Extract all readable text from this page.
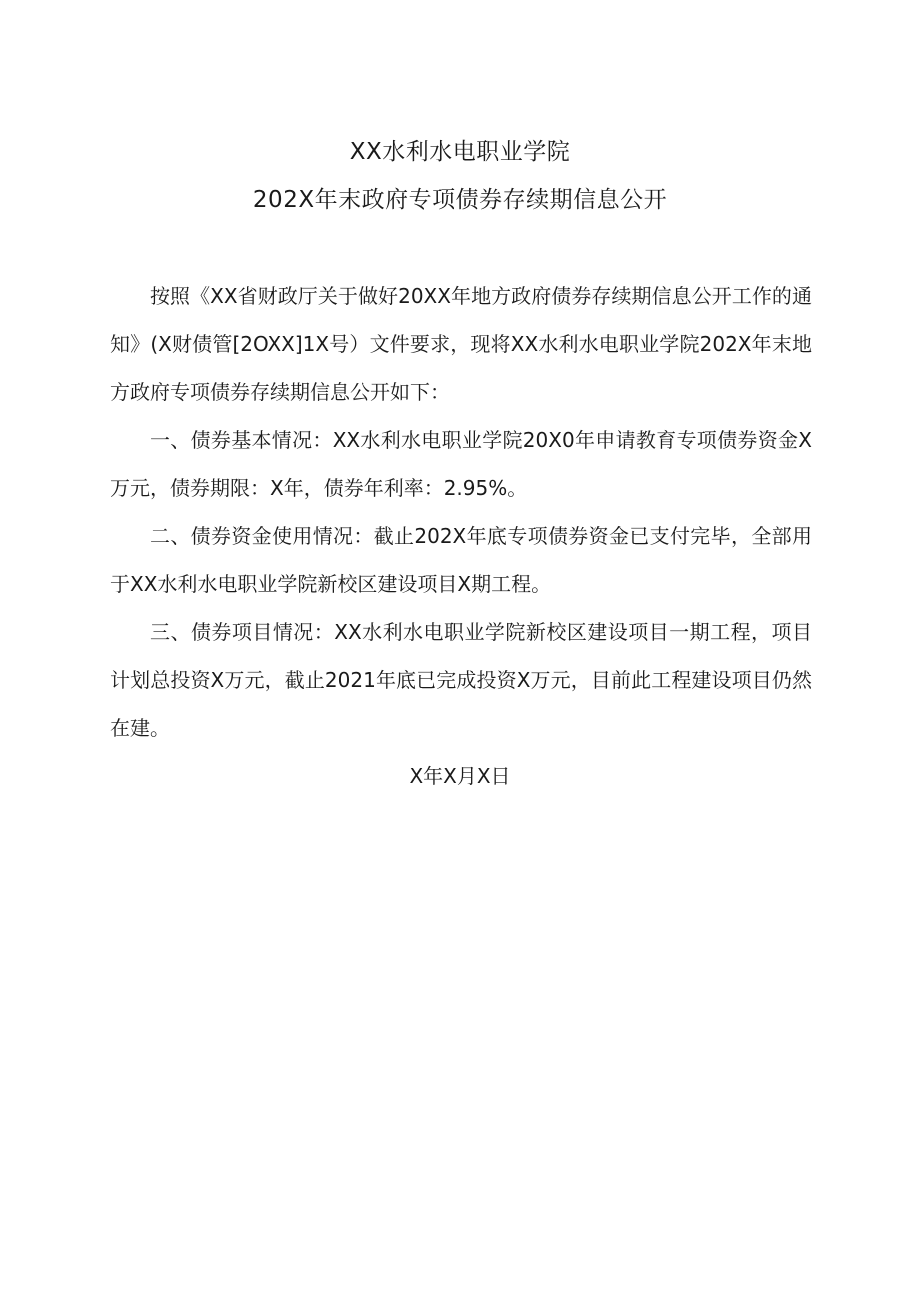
XX水利水电职业学院
202X年末政府专项债券存续期信息公开

按照《XX省财政厅关于做好20XX年地方政府债券存续期信息公开工作的通知》(X财债管[2OXX]1X号）文件要求，现将XX水利水电职业学院202X年末地方政府专项债券存续期信息公开如下：

一、债券基本情况：XX水利水电职业学院20X0年申请教育专项债券资金X万元，债券期限：X年，债券年利率：2.95%。

二、债券资金使用情况：截止202X年底专项债券资金已支付完毕，全部用于XX水利水电职业学院新校区建设项目X期工程。

三、债券项目情况：XX水利水电职业学院新校区建设项目一期工程，项目计划总投资X万元，截止2021年底已完成投资X万元，目前此工程建设项目仍然在建。

X年X月X日
